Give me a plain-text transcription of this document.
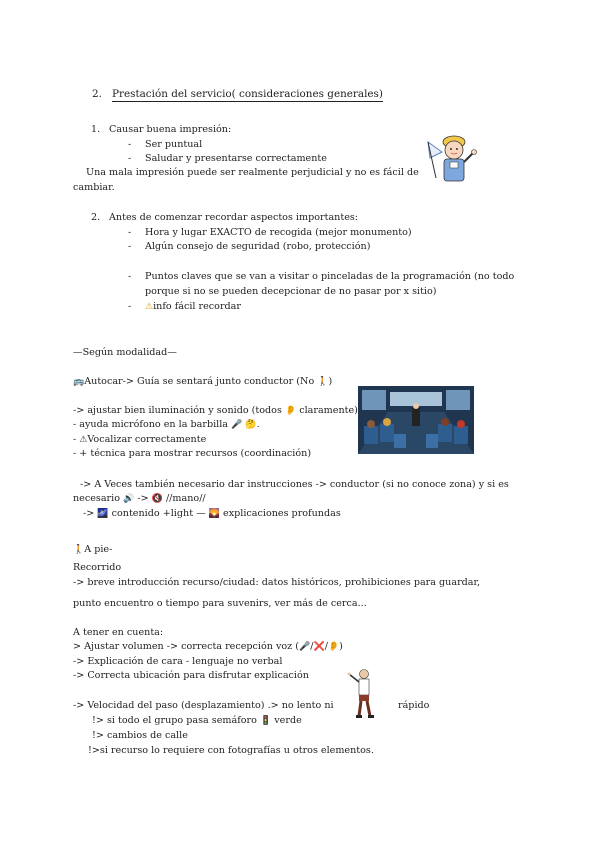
2. Prestación del servicio( consideraciones generales)
1. Causar buena impresión:
- Ser puntual
- Saludar y presentarse correctamente
Una mala impresión puede ser realmente perjudicial y no es fácil de
cambiar.
2. Antes de comenzar recordar aspectos importantes:
- Hora y lugar EXACTO de recogida (mejor monumento)
- Algún consejo de seguridad (robo, protección)
- Puntos claves que se van a visitar o pinceladas de la programación (no todo
porque si no se pueden decepcionar de no pasar por x sitio)
- ⚠info fácil recordar
—Según modalidad—
🚌Autocar-> Guía se sentará junto conductor (No 🚶)
-> ajustar bien iluminación y sonido (todos 👂 claramente)
- ayuda micrófono en la barbilla 🎤 🤔.
- ⚠Vocalizar correctamente
- + técnica para mostrar recursos (coordinación)
-> A Veces también necesario dar instrucciones -> conductor (si no conoce zona) y si es
necesario 🔊 -> 🔇 //mano//
-> 🌌 contenido +light — 🌄 explicaciones profundas
🚶A pie-
Recorrido
-> breve introducción recurso/ciudad: datos históricos, prohibiciones para guardar,
punto encuentro o tiempo para suvenirs, ver más de cerca...
A tener en cuenta:
> Ajustar volumen -> correcta recepción voz (🎤/❌/👂)
-> Explicación de cara - lenguaje no verbal
-> Correcta ubicación para disfrutar explicación
-> Velocidad del paso (desplazamiento) .> no lento ni	rápido
!> si todo el grupo pasa semáforo 🚦 verde
!> cambios de calle
!>si recurso lo requiere con fotografías u otros elementos.
